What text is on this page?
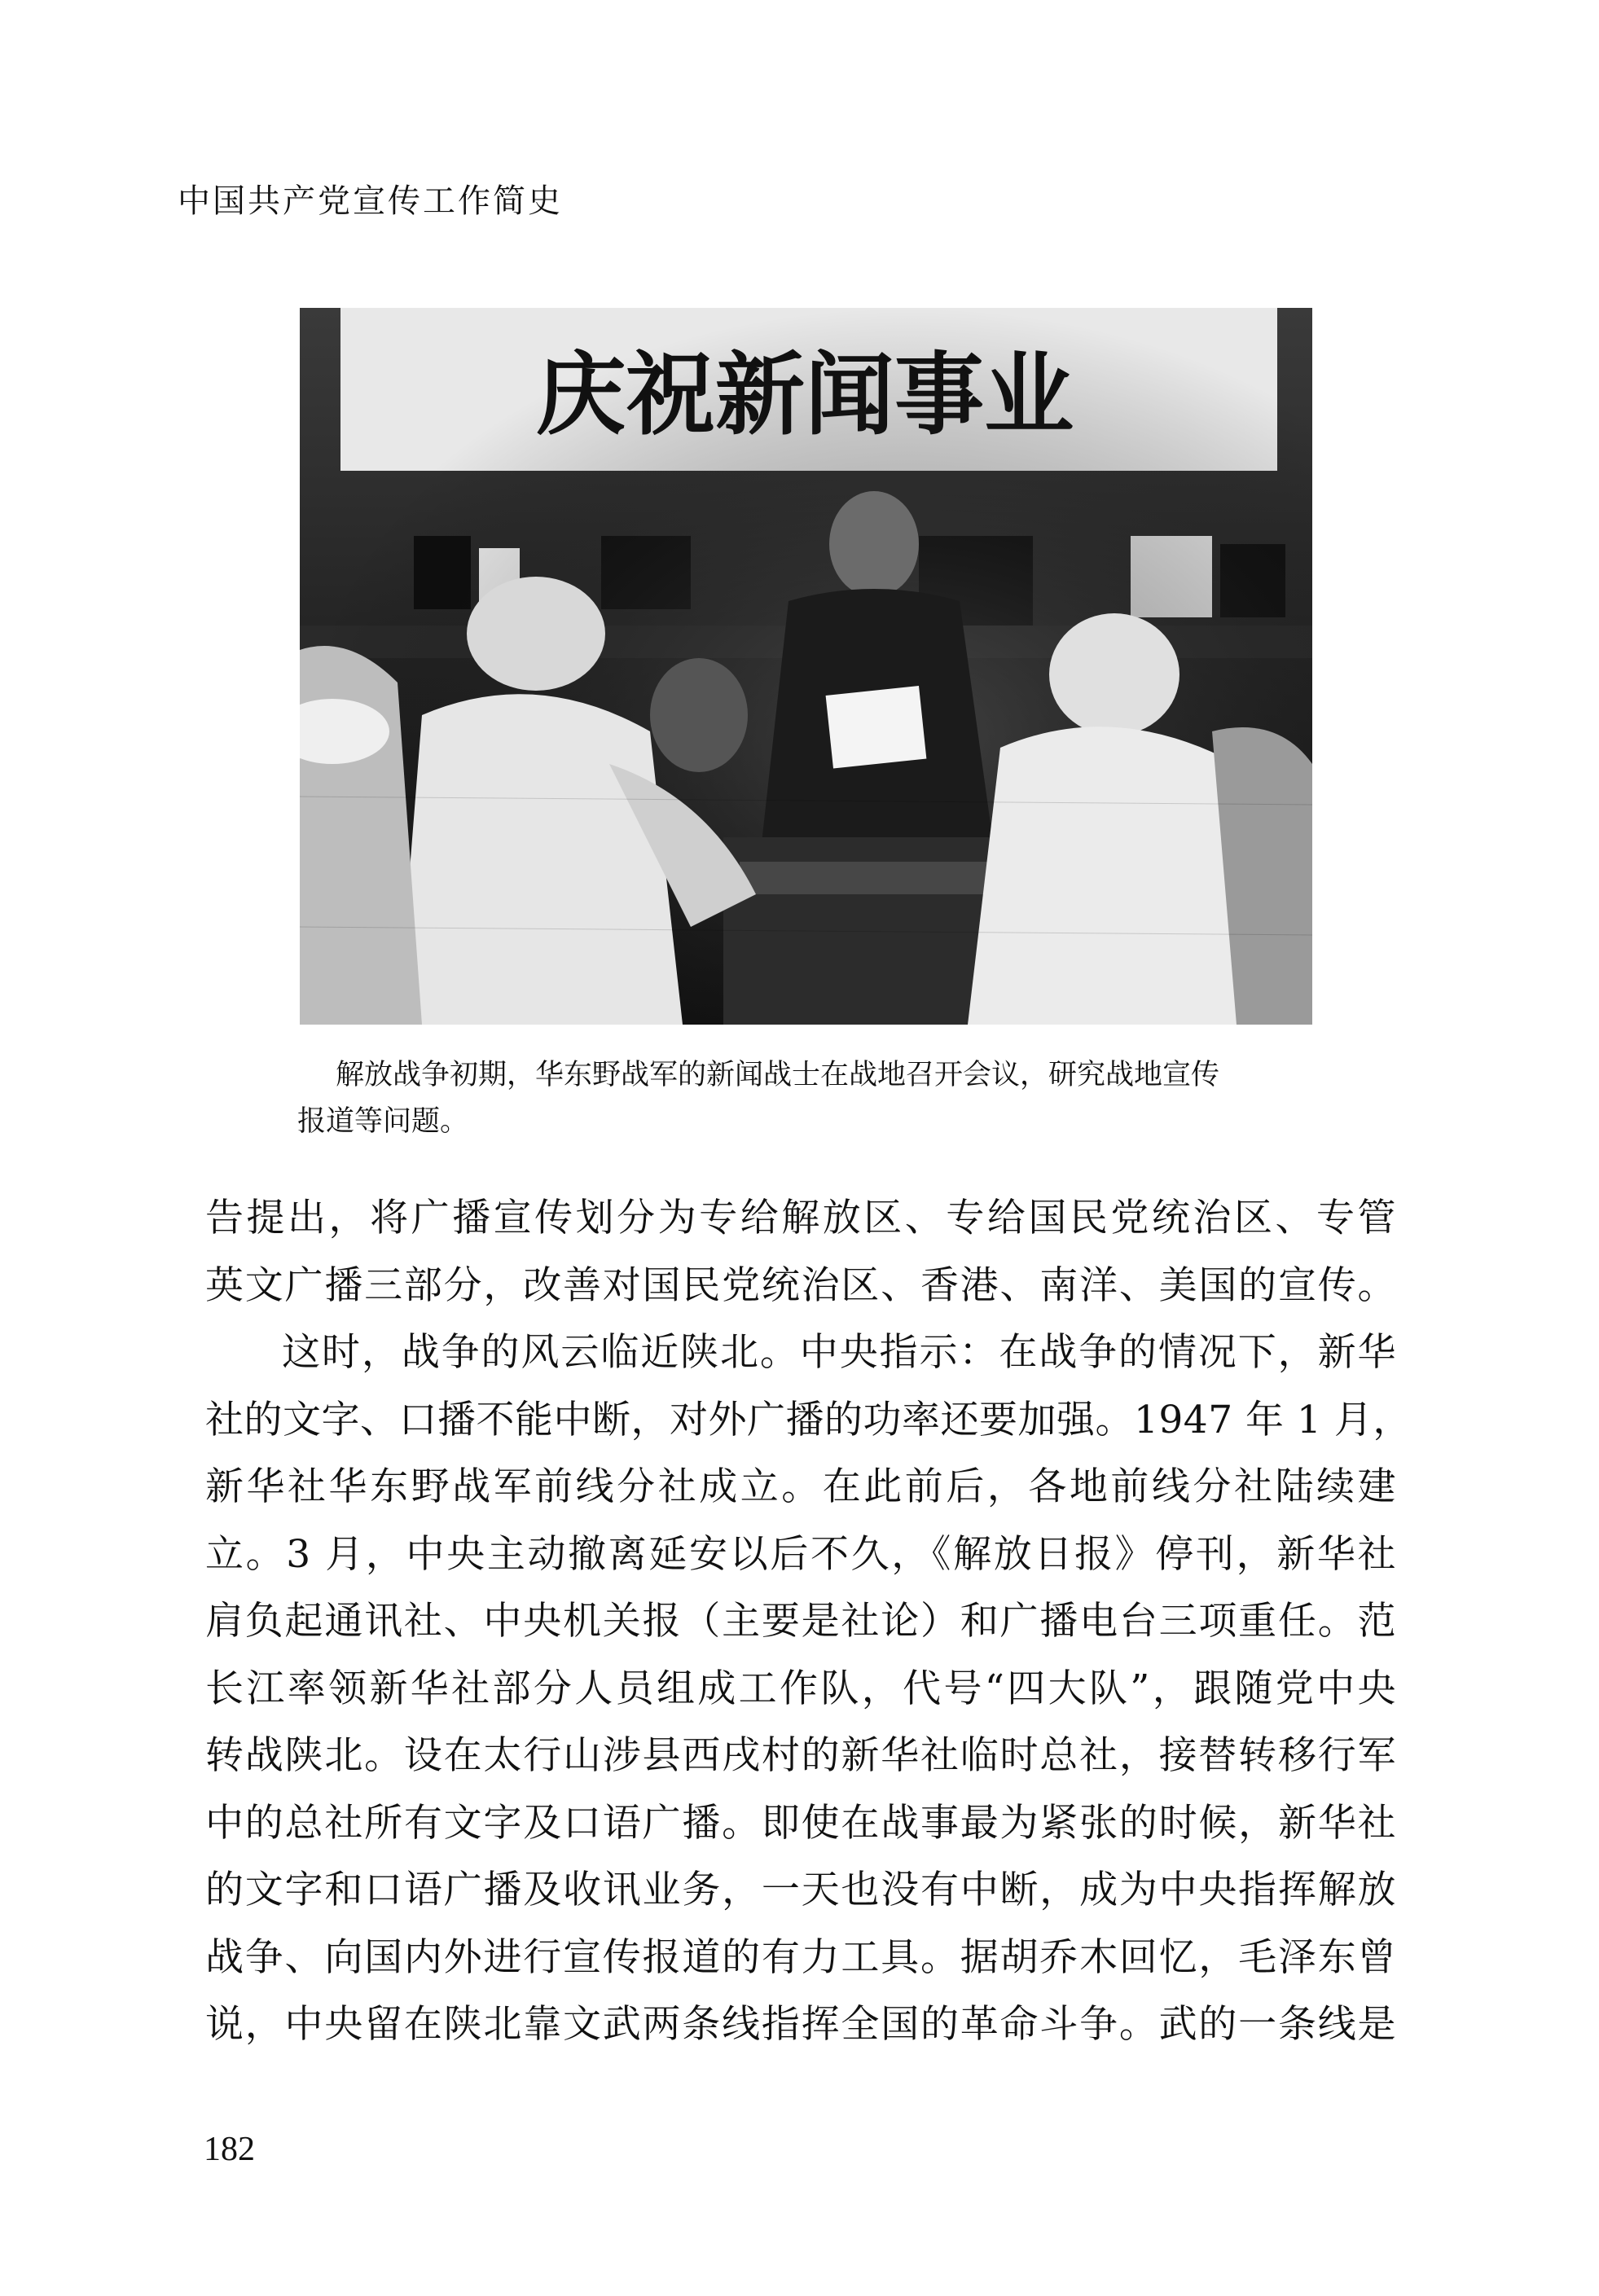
中国共产党宣传工作简史
解放战争初期，华东野战军的新闻战士在战地召开会议，研究战地宣传
报道等问题。
告提出，将广播宣传划分为专给解放区、专给国民党统治区、专管
英文广播三部分，改善对国民党统治区、香港、南洋、美国的宣传。
这时，战争的风云临近陕北。中央指示：在战争的情况下，新华
社的文字、口播不能中断，对外广播的功率还要加强。1947 年 1 月，
新华社华东野战军前线分社成立。在此前后，各地前线分社陆续建
立。3 月，中央主动撤离延安以后不久，《解放日报》停刊，新华社
肩负起通讯社、中央机关报（主要是社论）和广播电台三项重任。范
长江率领新华社部分人员组成工作队，代号“四大队”，跟随党中央
转战陕北。设在太行山涉县西戌村的新华社临时总社，接替转移行军
中的总社所有文字及口语广播。即使在战事最为紧张的时候，新华社
的文字和口语广播及收讯业务，一天也没有中断，成为中央指挥解放
战争、向国内外进行宣传报道的有力工具。据胡乔木回忆，毛泽东曾
说，中央留在陕北靠文武两条线指挥全国的革命斗争。武的一条线是
182
